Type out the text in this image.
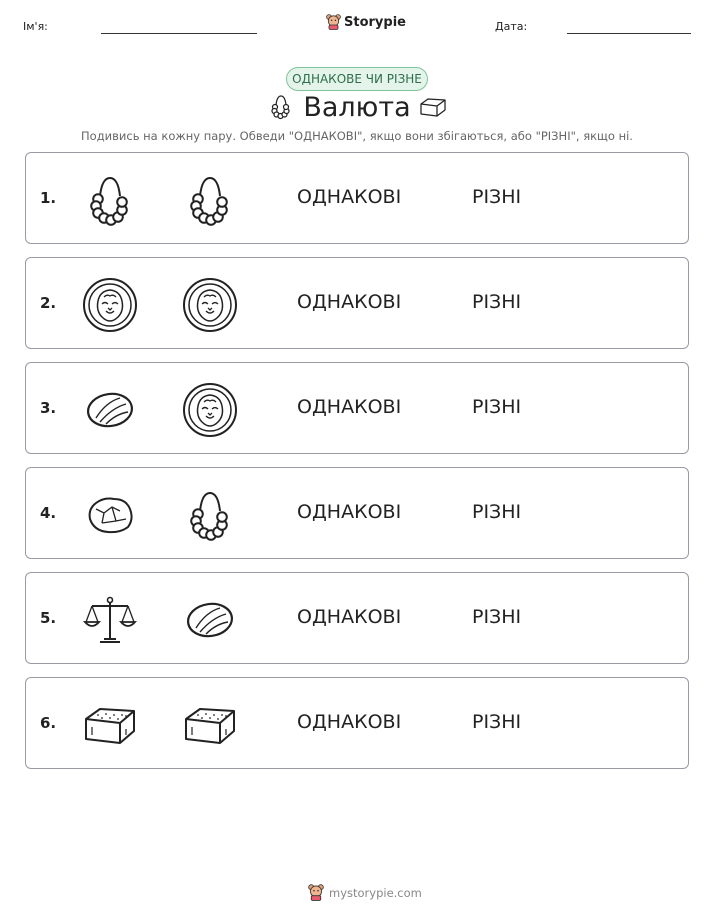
Ім'я:	Storypie	Дата:
ОДНАКОВЕ ЧИ РІЗНЕ
Валюта
Подивись на кожну пару. Обведи "ОДНАКОВІ", якщо вони збігаються, або "РІЗНІ", якщо ні.
1.	ОДНАКОВІ	РІЗНІ
2.	ОДНАКОВІ	РІЗНІ
3.	ОДНАКОВІ	РІЗНІ
4.	ОДНАКОВІ	РІЗНІ
5.	ОДНАКОВІ	РІЗНІ
6.	ОДНАКОВІ	РІЗНІ
mystorypie.com
